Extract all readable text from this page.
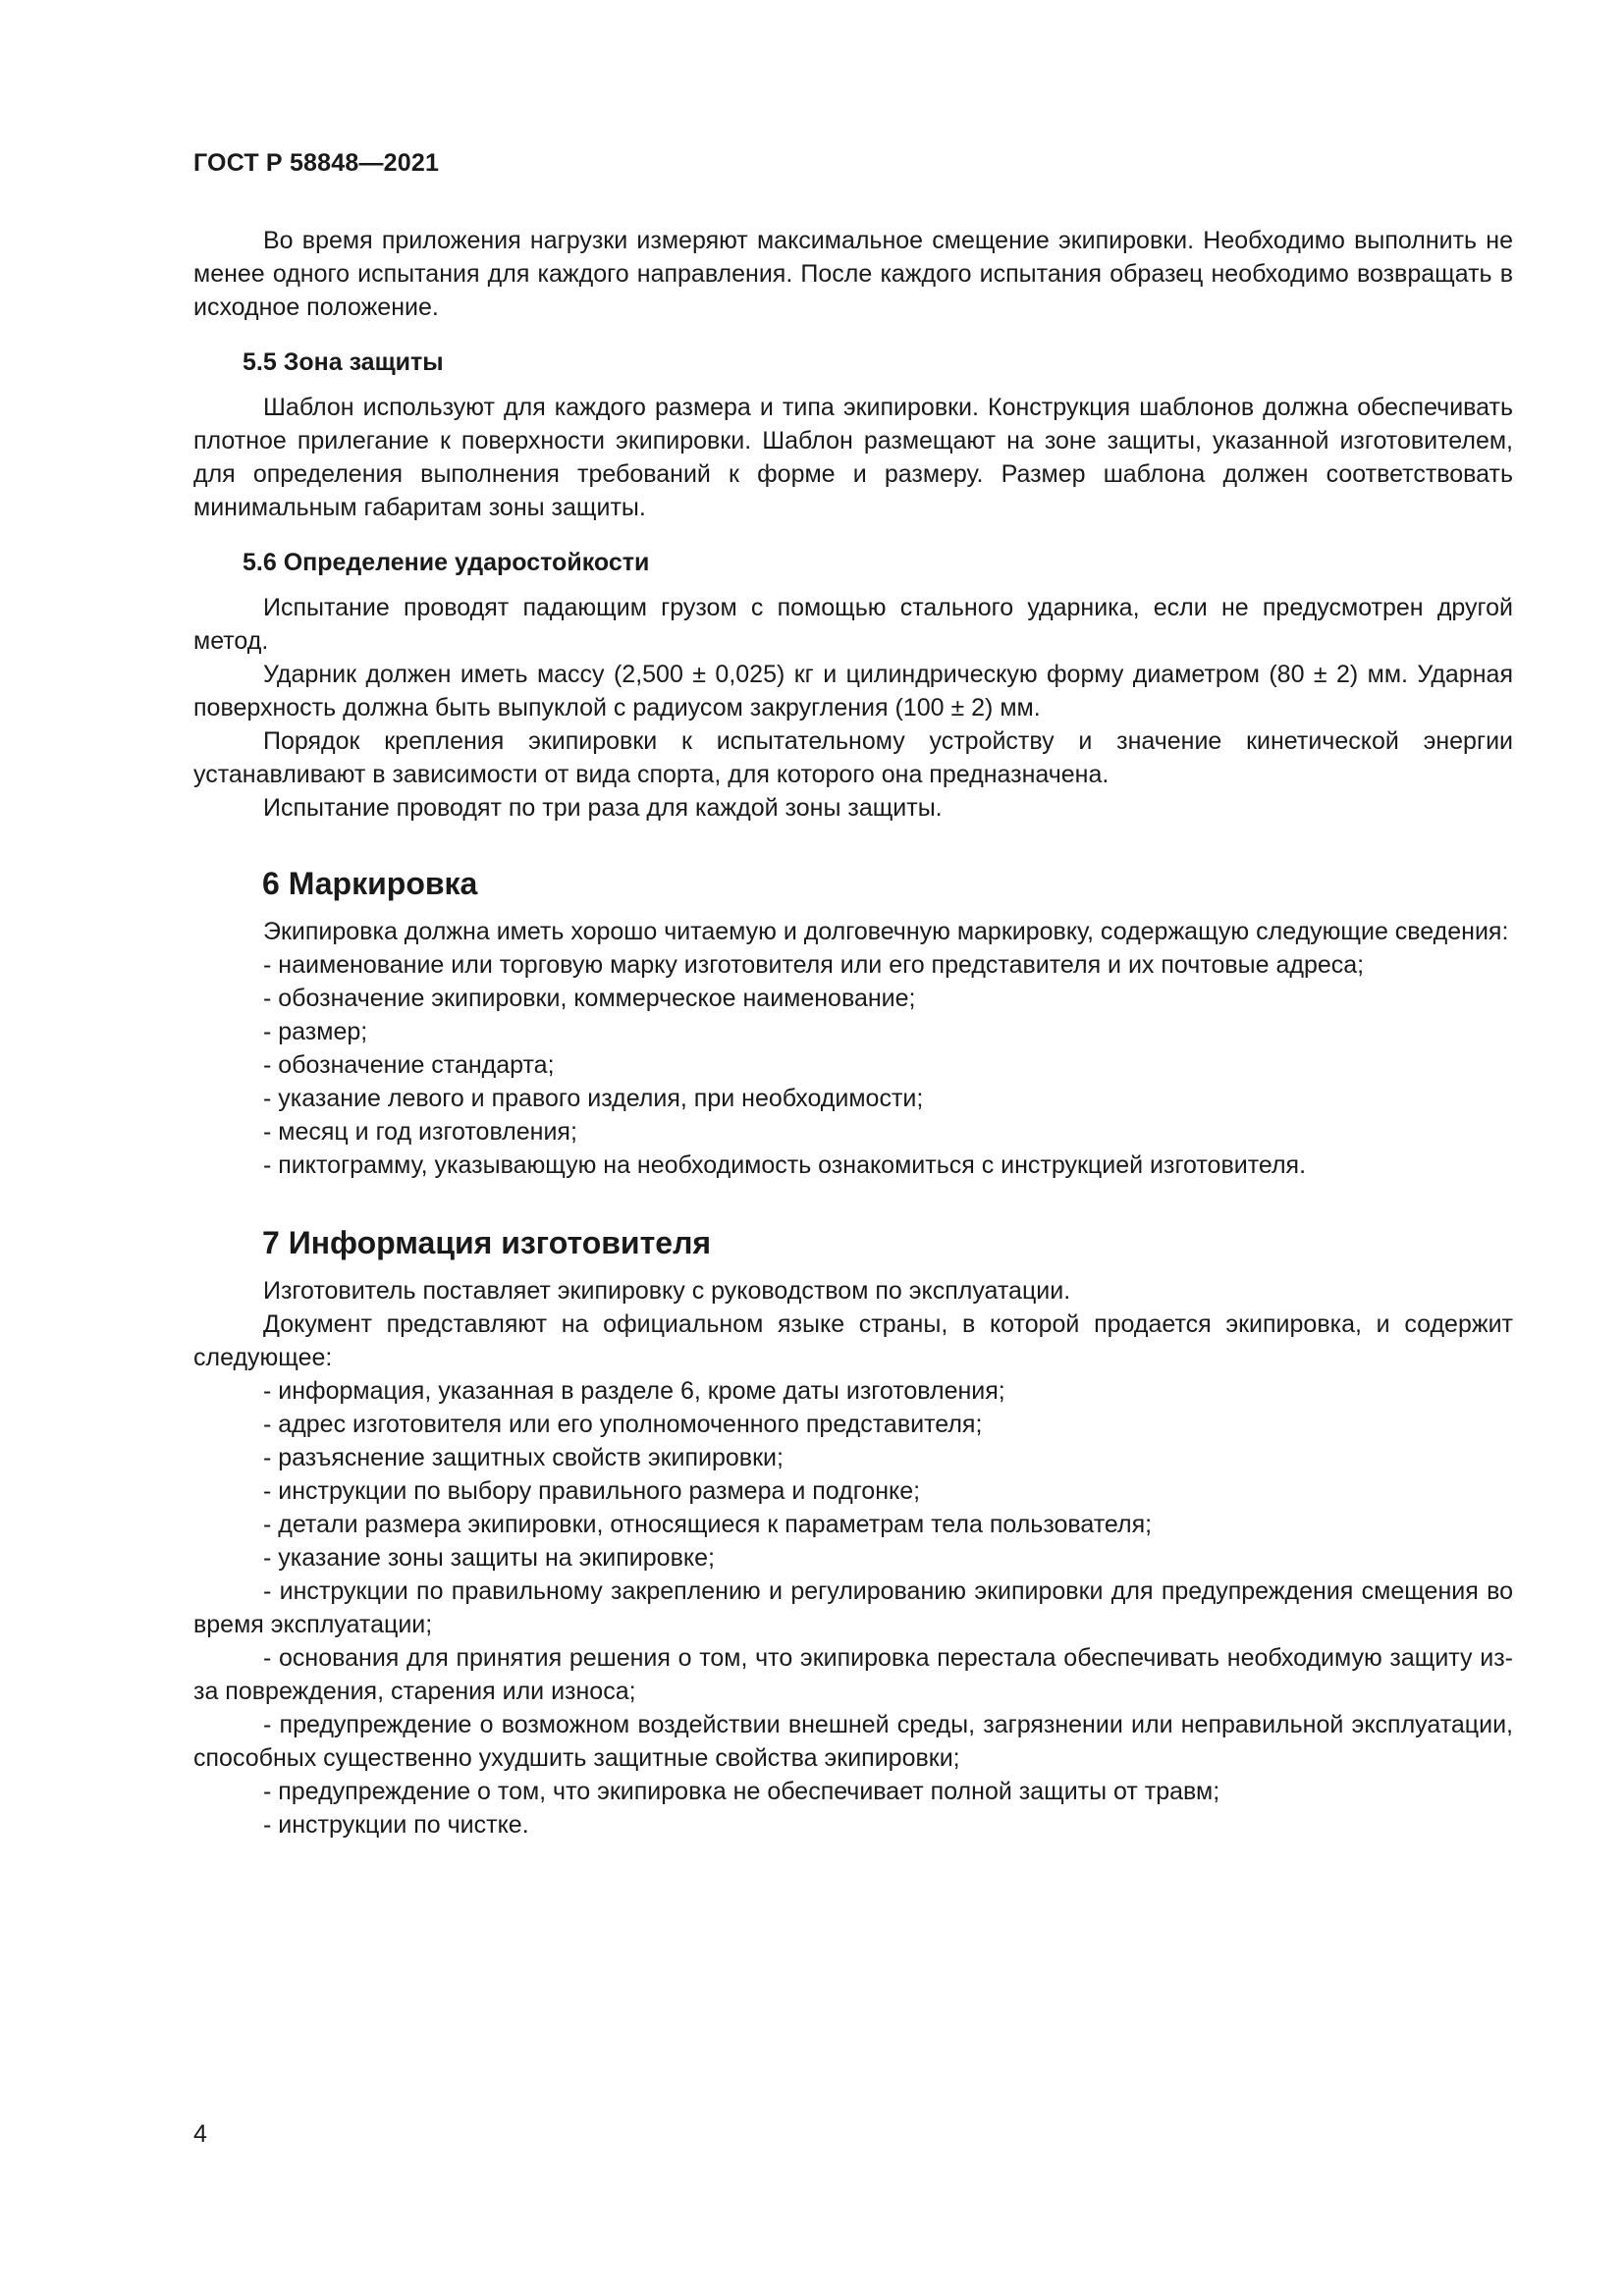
ГОСТ Р 58848—2021

Во время приложения нагрузки измеряют максимальное смещение экипировки. Необходимо выполнить не менее одного испытания для каждого направления. После каждого испытания образец необходимо возвращать в исходное положение.

5.5 Зона защиты

Шаблон используют для каждого размера и типа экипировки. Конструкция шаблонов должна обеспечивать плотное прилегание к поверхности экипировки. Шаблон размещают на зоне защиты, указанной изготовителем, для определения выполнения требований к форме и размеру. Размер шаблона должен соответствовать минимальным габаритам зоны защиты.

5.6 Определение ударостойкости

Испытание проводят падающим грузом с помощью стального ударника, если не предусмотрен другой метод.

Ударник должен иметь массу (2,500 ± 0,025) кг и цилиндрическую форму диаметром (80 ± 2) мм. Ударная поверхность должна быть выпуклой с радиусом закругления (100 ± 2) мм.

Порядок крепления экипировки к испытательному устройству и значение кинетической энергии устанавливают в зависимости от вида спорта, для которого она предназначена.

Испытание проводят по три раза для каждой зоны защиты.

6 Маркировка

Экипировка должна иметь хорошо читаемую и долговечную маркировку, содержащую следующие сведения:

- наименование или торговую марку изготовителя или его представителя и их почтовые адреса;

- обозначение экипировки, коммерческое наименование;

- размер;

- обозначение стандарта;

- указание левого и правого изделия, при необходимости;

- месяц и год изготовления;

- пиктограмму, указывающую на необходимость ознакомиться с инструкцией изготовителя.

7 Информация изготовителя

Изготовитель поставляет экипировку с руководством по эксплуатации.

Документ представляют на официальном языке страны, в которой продается экипировка, и содержит следующее:

- информация, указанная в разделе 6, кроме даты изготовления;

- адрес изготовителя или его уполномоченного представителя;

- разъяснение защитных свойств экипировки;

- инструкции по выбору правильного размера и подгонке;

- детали размера экипировки, относящиеся к параметрам тела пользователя;

- указание зоны защиты на экипировке;

- инструкции по правильному закреплению и регулированию экипировки для предупреждения смещения во время эксплуатации;

- основания для принятия решения о том, что экипировка перестала обеспечивать необходимую защиту из-за повреждения, старения или износа;

- предупреждение о возможном воздействии внешней среды, загрязнении или неправильной эксплуатации, способных существенно ухудшить защитные свойства экипировки;

- предупреждение о том, что экипировка не обеспечивает полной защиты от травм;

- инструкции по чистке.

4
